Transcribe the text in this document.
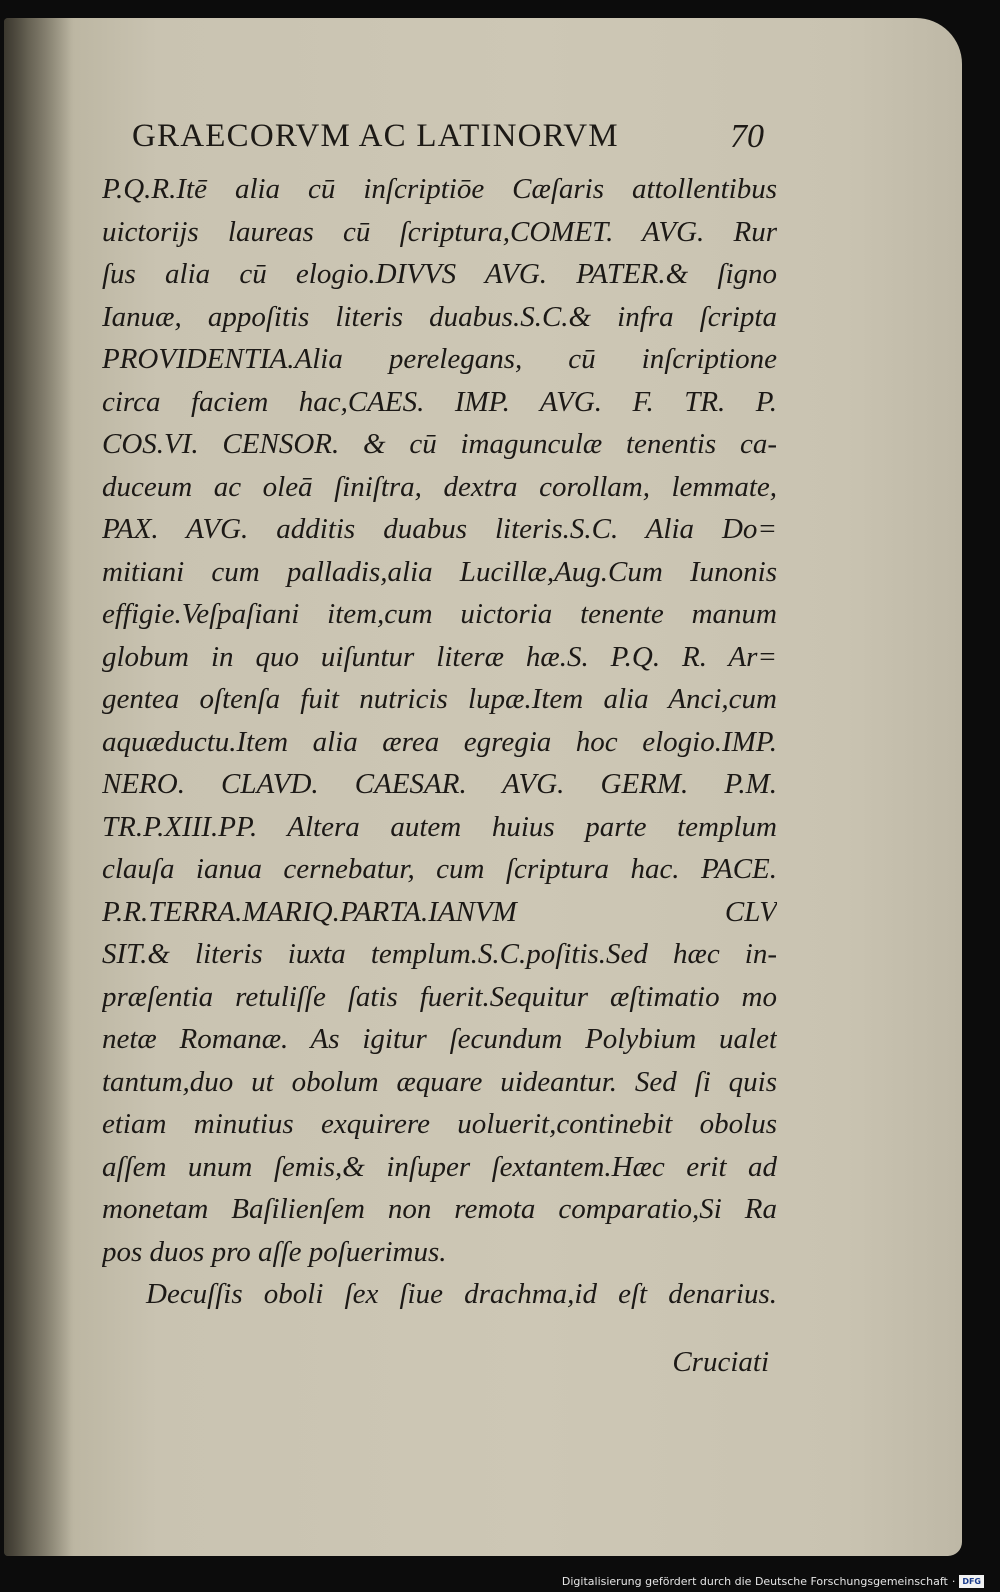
GRAECORVM AC LATINORVM	70
P.Q.R.Itē alia cū inſcriptiōe Cæſaris attollentibus
uictorijs laureas cū ſcriptura,COMET. AVG. Rur
ſus alia cū elogio.DIVVS AVG. PATER.& ſigno
Ianuæ, appoſitis literis duabus.S.C.& infra ſcripta
PROVIDENTIA.Alia perelegans, cū inſcriptione
circa faciem hac,CAES. IMP. AVG. F. TR. P.
COS.VI. CENSOR. & cū imagunculæ tenentis ca-
duceum ac oleā ſiniſtra, dextra corollam, lemmate,
PAX. AVG. additis duabus literis.S.C. Alia Do=
mitiani cum palladis,alia Lucillæ,Aug.Cum Iunonis
effigie.Veſpaſiani item,cum uictoria tenente manum
globum in quo uiſuntur literæ hæ.S. P.Q. R. Ar=
gentea oſtenſa fuit nutricis lupæ.Item alia Anci,cum
aquæductu.Item alia ærea egregia hoc elogio.IMP.
NERO. CLAVD. CAESAR. AVG. GERM. P.M.
TR.P.XIII.PP. Altera autem huius parte templum
clauſa ianua cernebatur, cum ſcriptura hac. PACE.
P.R.TERRA.MARIQ.PARTA.IANVM CLV
SIT.& literis iuxta templum.S.C.poſitis.Sed hæc in-
præſentia retuliſſe ſatis fuerit.Sequitur æſtimatio mo
netæ Romanæ. As igitur ſecundum Polybium ualet
tantum,duo ut obolum æquare uideantur. Sed ſi quis
etiam minutius exquirere uoluerit,continebit obolus
aſſem unum ſemis,& inſuper ſextantem.Hæc erit ad
monetam Baſilienſem non remota comparatio,Si Ra
pos duos pro aſſe poſuerimus.
Decuſſis oboli ſex ſiue drachma,id eſt denarius.
Cruciati
Digitalisierung gefördert durch die Deutsche Forschungsgemeinschaft · DFG
